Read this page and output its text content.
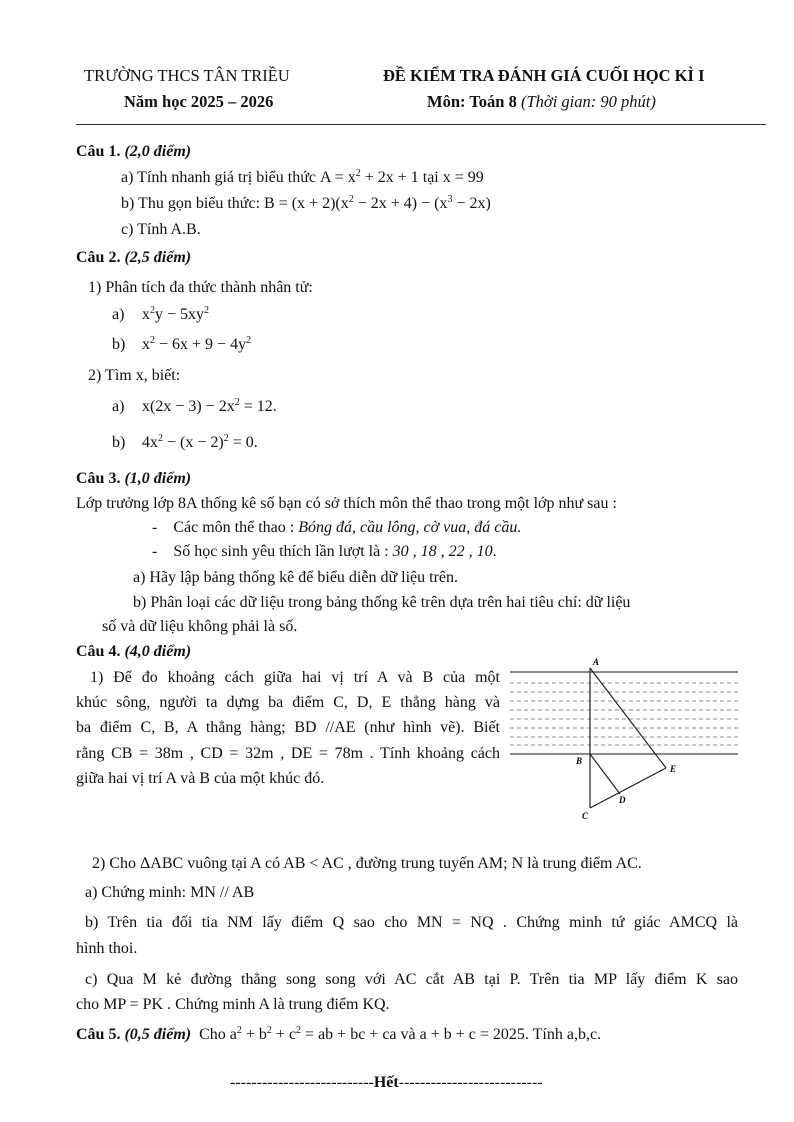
TRƯỜNG THCS TÂN TRIỀU
Năm học 2025 – 2026
ĐỀ KIỂM TRA ĐÁNH GIÁ CUỐI HỌC KÌ I
Môn: Toán 8 (Thời gian: 90 phút)
Câu 1. (2,0 điểm)
a) Tính nhanh giá trị biểu thức $A = x^2 + 2x + 1$ tại x = 99
b) Thu gọn biểu thức: $B = (x + 2)(x^2 - 2x + 4) - (x^3 - 2x)$
c) Tính A.B.
Câu 2. (2,5 điểm)
1) Phân tích đa thức thành nhân tử:
a) $x^2y - 5xy^2$
b) $x^2 - 6x + 9 - 4y^2$
2) Tìm x, biết:
a) $x(2x - 3) - 2x^2 = 12$.
b) $4x^2 - (x - 2)^2 = 0$.
Câu 3. (1,0 điểm)
Lớp trưởng lớp 8A thống kê số bạn có sở thích môn thể thao trong một lớp như sau :
- Các môn thể thao : Bóng đá, cầu lông, cờ vua, đá cầu.
- Số học sinh yêu thích lần lượt là : 30 , 18 , 22 , 10.
a) Hãy lập bảng thống kê để biểu diễn dữ liệu trên.
b) Phân loại các dữ liệu trong bảng thống kê trên dựa trên hai tiêu chí: dữ liệu
số và dữ liệu không phải là số.
Câu 4. (4,0 điểm)
1) Để đo khoảng cách giữa hai vị trí A và B của một
khúc sông, người ta dựng ba điểm C, D, E thẳng hàng và
ba điểm C, B, A thẳng hàng; BD //AE (như hình vẽ). Biết
rằng CB = 38m , CD = 32m , DE = 78m . Tính khoảng cách
giữa hai vị trí A và B của một khúc đó.
A
B
C
D
E
2) Cho ΔABC vuông tại A có AB < AC , đường trung tuyến AM; N là trung điểm AC.
a) Chứng minh: MN // AB
b) Trên tia đối tia NM lấy điểm Q sao cho MN = NQ . Chứng minh tứ giác AMCQ là
hình thoi.
c) Qua M kẻ đường thẳng song song với AC cắt AB tại P. Trên tia MP lấy điểm K sao
cho MP = PK . Chứng minh A là trung điểm KQ.
Câu 5. (0,5 điểm) Cho $a^2 + b^2 + c^2$ = ab + bc + ca và a + b + c = 2025. Tính a,b,c.
---------------------------Hết---------------------------
